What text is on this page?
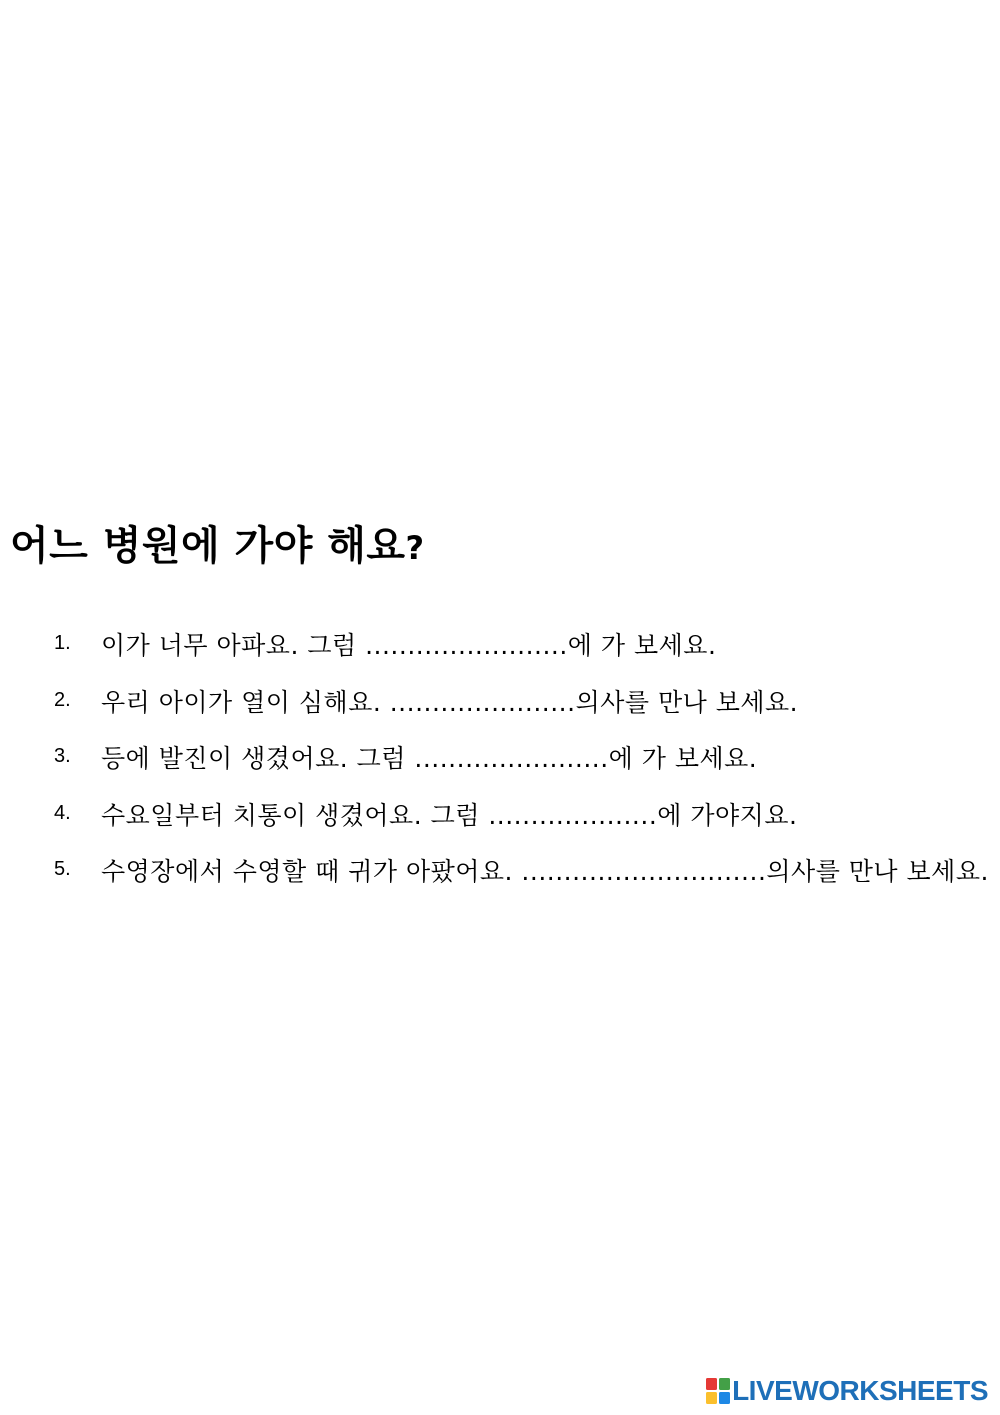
어느 병원에 가야 해요?
1. 이가 너무 아파요. 그럼 ........................에 가 보세요.
2. 우리 아이가 열이 심해요. ......................의사를 만나 보세요.
3. 등에 발진이 생겼어요. 그럼 .......................에 가 보세요.
4. 수요일부터 치통이 생겼어요. 그럼 ....................에 가야지요.
5. 수영장에서 수영할 때 귀가 아팠어요. .............................의사를 만나 보세요.
LIVEWORKSHEETS
